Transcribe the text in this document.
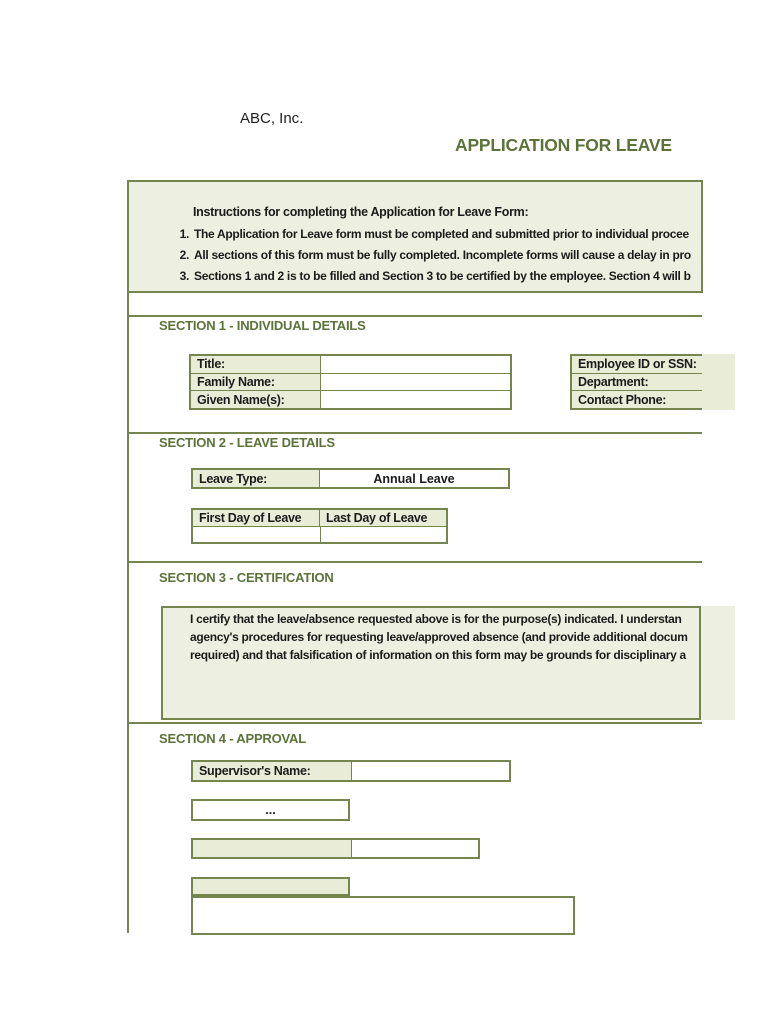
ABC, Inc.
APPLICATION FOR LEAVE
Instructions for completing the Application for Leave Form:
1. The Application for Leave form must be completed and submitted prior to individual procee
2. All sections of this form must be fully completed. Incomplete forms will cause a delay in pro
3. Sections 1 and 2 is to be filled and Section 3 to be certified by the employee. Section 4 will b
SECTION 1 - INDIVIDUAL DETAILS
SECTION 2 - LEAVE DETAILS
SECTION 3 - CERTIFICATION
SECTION 4 - APPROVAL
Title:
Family Name:
Given Name(s):
Employee ID or SSN:
Department:
Contact Phone:
Leave Type:	Annual Leave
First Day of Leave	Last Day of Leave
I certify that the leave/absence requested above is for the purpose(s) indicated. I understan
agency's procedures for requesting leave/approved absence (and provide additional docum
required) and that falsification of information on this form may be grounds for disciplinary a
Supervisor's Name:
...
